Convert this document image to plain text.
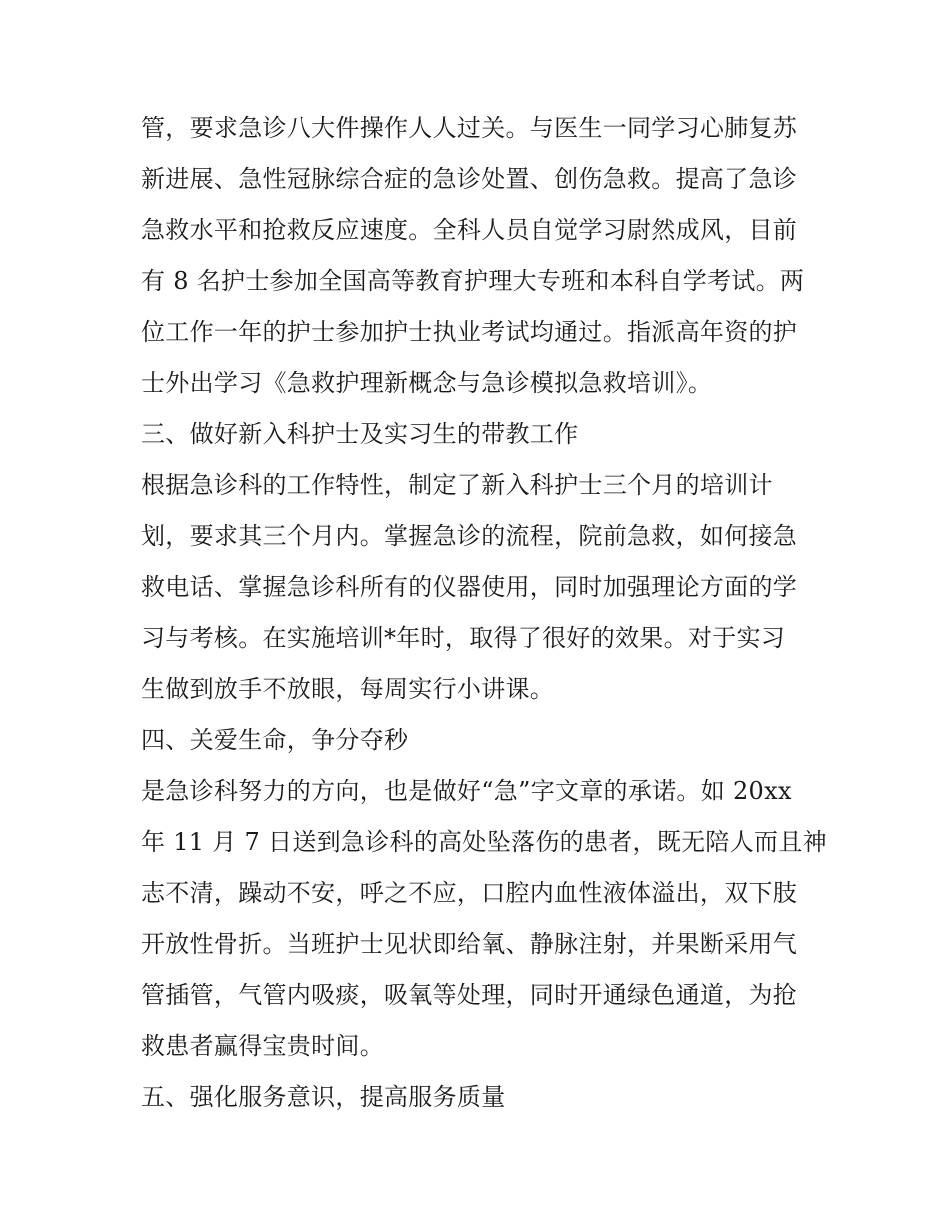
管，要求急诊八大件操作人人过关。与医生一同学习心肺复苏
新进展、急性冠脉综合症的急诊处置、创伤急救。提高了急诊
急救水平和抢救反应速度。全科人员自觉学习尉然成风，目前
有 8 名护士参加全国高等教育护理大专班和本科自学考试。两
位工作一年的护士参加护士执业考试均通过。指派高年资的护
士外出学习《急救护理新概念与急诊模拟急救培训》。
三、做好新入科护士及实习生的带教工作
根据急诊科的工作特性，制定了新入科护士三个月的培训计
划，要求其三个月内。掌握急诊的流程，院前急救，如何接急
救电话、掌握急诊科所有的仪器使用，同时加强理论方面的学
习与考核。在实施培训*年时，取得了很好的效果。对于实习
生做到放手不放眼，每周实行小讲课。
四、关爱生命，争分夺秒
是急诊科努力的方向，也是做好“急”字文章的承诺。如 20xx
年 11 月 7 日送到急诊科的高处坠落伤的患者，既无陪人而且神
志不清，躁动不安，呼之不应，口腔内血性液体溢出，双下肢
开放性骨折。当班护士见状即给氧、静脉注射，并果断采用气
管插管，气管内吸痰，吸氧等处理，同时开通绿色通道，为抢
救患者赢得宝贵时间。
五、强化服务意识，提高服务质量
